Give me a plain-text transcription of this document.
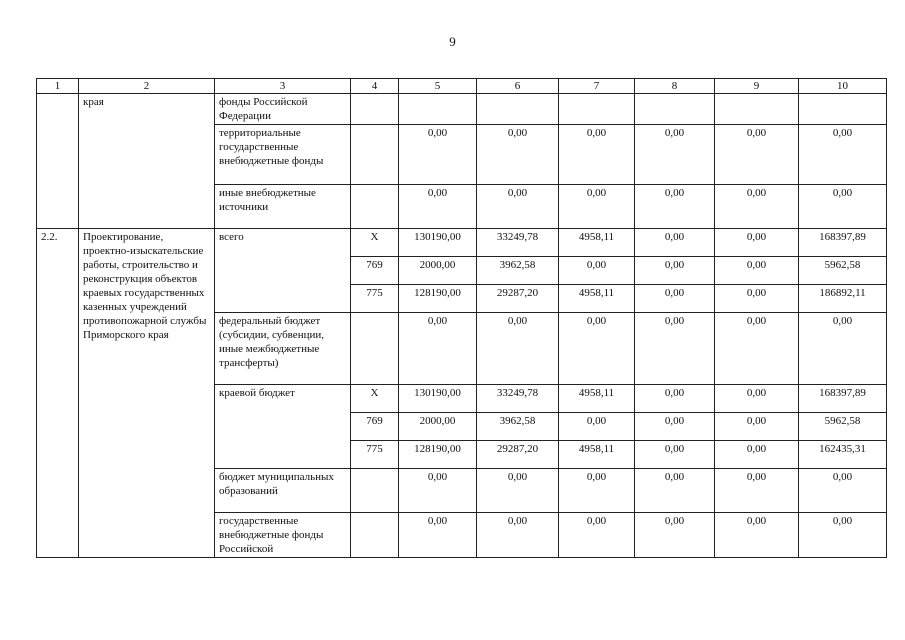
9
1	2	3	4	5	6	7	8	9	10
	края	фонды Российской Федерации							
		территориальные государственные внебюджетные фонды		0,00	0,00	0,00	0,00	0,00	0,00
		иные внебюджетные источники		0,00	0,00	0,00	0,00	0,00	0,00
2.2.	Проектирование, проектно-изыскательские работы, строительство и реконструкция объектов краевых государственных казенных учреждений противопожарной службы Приморского края	всего	X	130190,00	33249,78	4958,11	0,00	0,00	168397,89
			769	2000,00	3962,58	0,00	0,00	0,00	5962,58
			775	128190,00	29287,20	4958,11	0,00	0,00	186892,11
		федеральный бюджет (субсидии, субвенции, иные межбюджетные трансферты)		0,00	0,00	0,00	0,00	0,00	0,00
		краевой бюджет	X	130190,00	33249,78	4958,11	0,00	0,00	168397,89
			769	2000,00	3962,58	0,00	0,00	0,00	5962,58
			775	128190,00	29287,20	4958,11	0,00	0,00	162435,31
		бюджет муниципальных образований		0,00	0,00	0,00	0,00	0,00	0,00
		государственные внебюджетные фонды Российской		0,00	0,00	0,00	0,00	0,00	0,00
